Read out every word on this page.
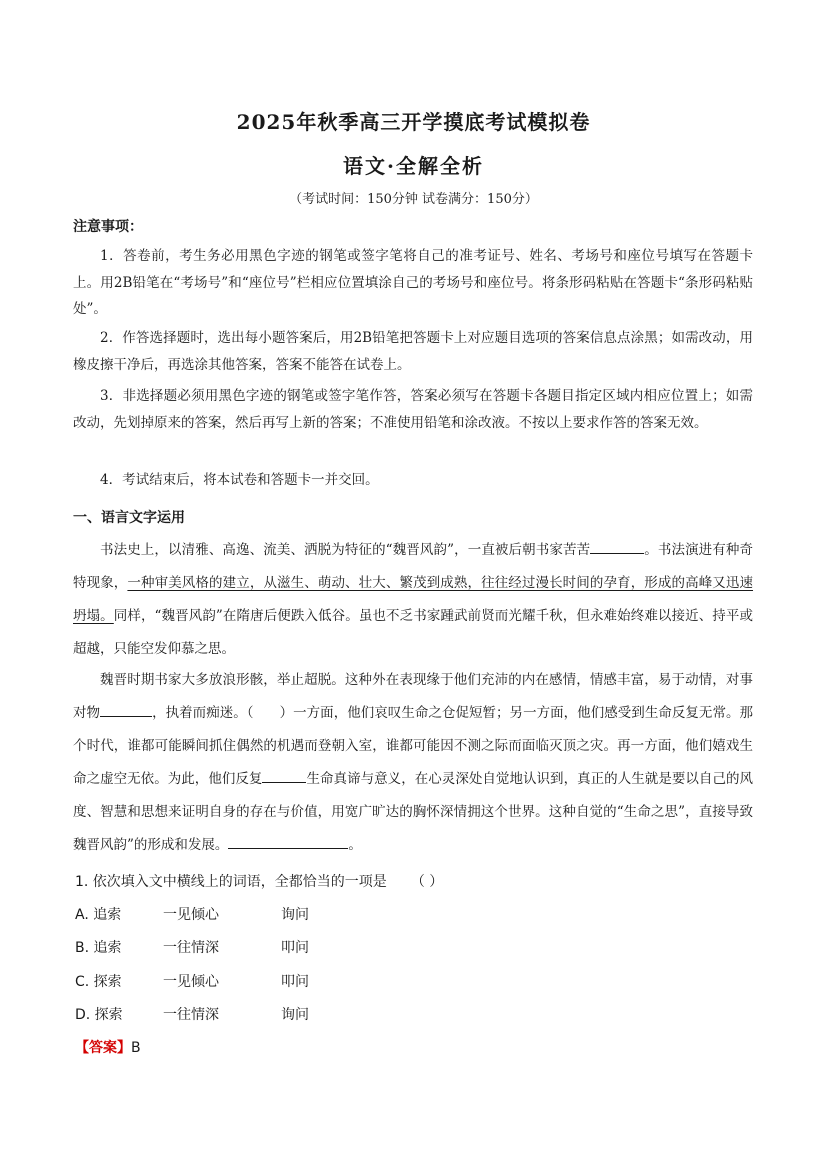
2025年秋季高三开学摸底考试模拟卷
语文·全解全析
（考试时间：150分钟 试卷满分：150分）
注意事项：
1．答卷前，考生务必用黑色字迹的钢笔或签字笔将自己的准考证号、姓名、考场号和座位号填写在答题卡上。用2B铅笔在“考场号”和“座位号”栏相应位置填涂自己的考场号和座位号。将条形码粘贴在答题卡“条形码粘贴处”。
2．作答选择题时，选出每小题答案后，用2B铅笔把答题卡上对应题目选项的答案信息点涂黑；如需改动，用橡皮擦干净后，再选涂其他答案，答案不能答在试卷上。
3．非选择题必须用黑色字迹的钢笔或签字笔作答，答案必须写在答题卡各题目指定区域内相应位置上；如需改动，先划掉原来的答案，然后再写上新的答案；不准使用铅笔和涂改液。不按以上要求作答的答案无效。
4．考试结束后，将本试卷和答题卡一并交回。
一、语言文字运用
书法史上，以清雅、高逸、流美、洒脱为特征的“魏晋风韵”，一直被后朝书家苦苦	。书法演进有种奇特现象，一种审美风格的建立，从滋生、萌动、壮大、繁茂到成熟，往往经过漫长时间的孕育，形成的高峰又迅速坍塌。同样，“魏晋风韵”在隋唐后便跌入低谷。虽也不乏书家踵武前贤而光耀千秋，但永难始终难以接近、持平或超越，只能空发仰慕之思。
魏晋时期书家大多放浪形骸，举止超脱。这种外在表现缘于他们充沛的内在感情，情感丰富，易于动情，对事对物	，执着而痴迷。（ ）一方面，他们哀叹生命之仓促短暂；另一方面，他们感受到生命反复无常。那个时代，谁都可能瞬间抓住偶然的机遇而登朝入室，谁都可能因不测之际而面临灭顶之灾。再一方面，他们嬉戏生命之虚空无依。为此，他们反复	生命真谛与意义，在心灵深处自觉地认识到，真正的人生就是要以自己的风度、智慧和思想来证明自身的存在与价值，用宽广旷达的胸怀深情拥这个世界。这种自觉的“生命之思”，直接导致魏晋风韵”的形成和发展。	。
1. 依次填入文中横线上的词语，全都恰当的一项是 （ ）
A. 追索	一见倾心	询问
B. 追索	一往情深	叩问
C. 探索	一见倾心	叩问
D. 探索	一往情深	询问
【答案】B
